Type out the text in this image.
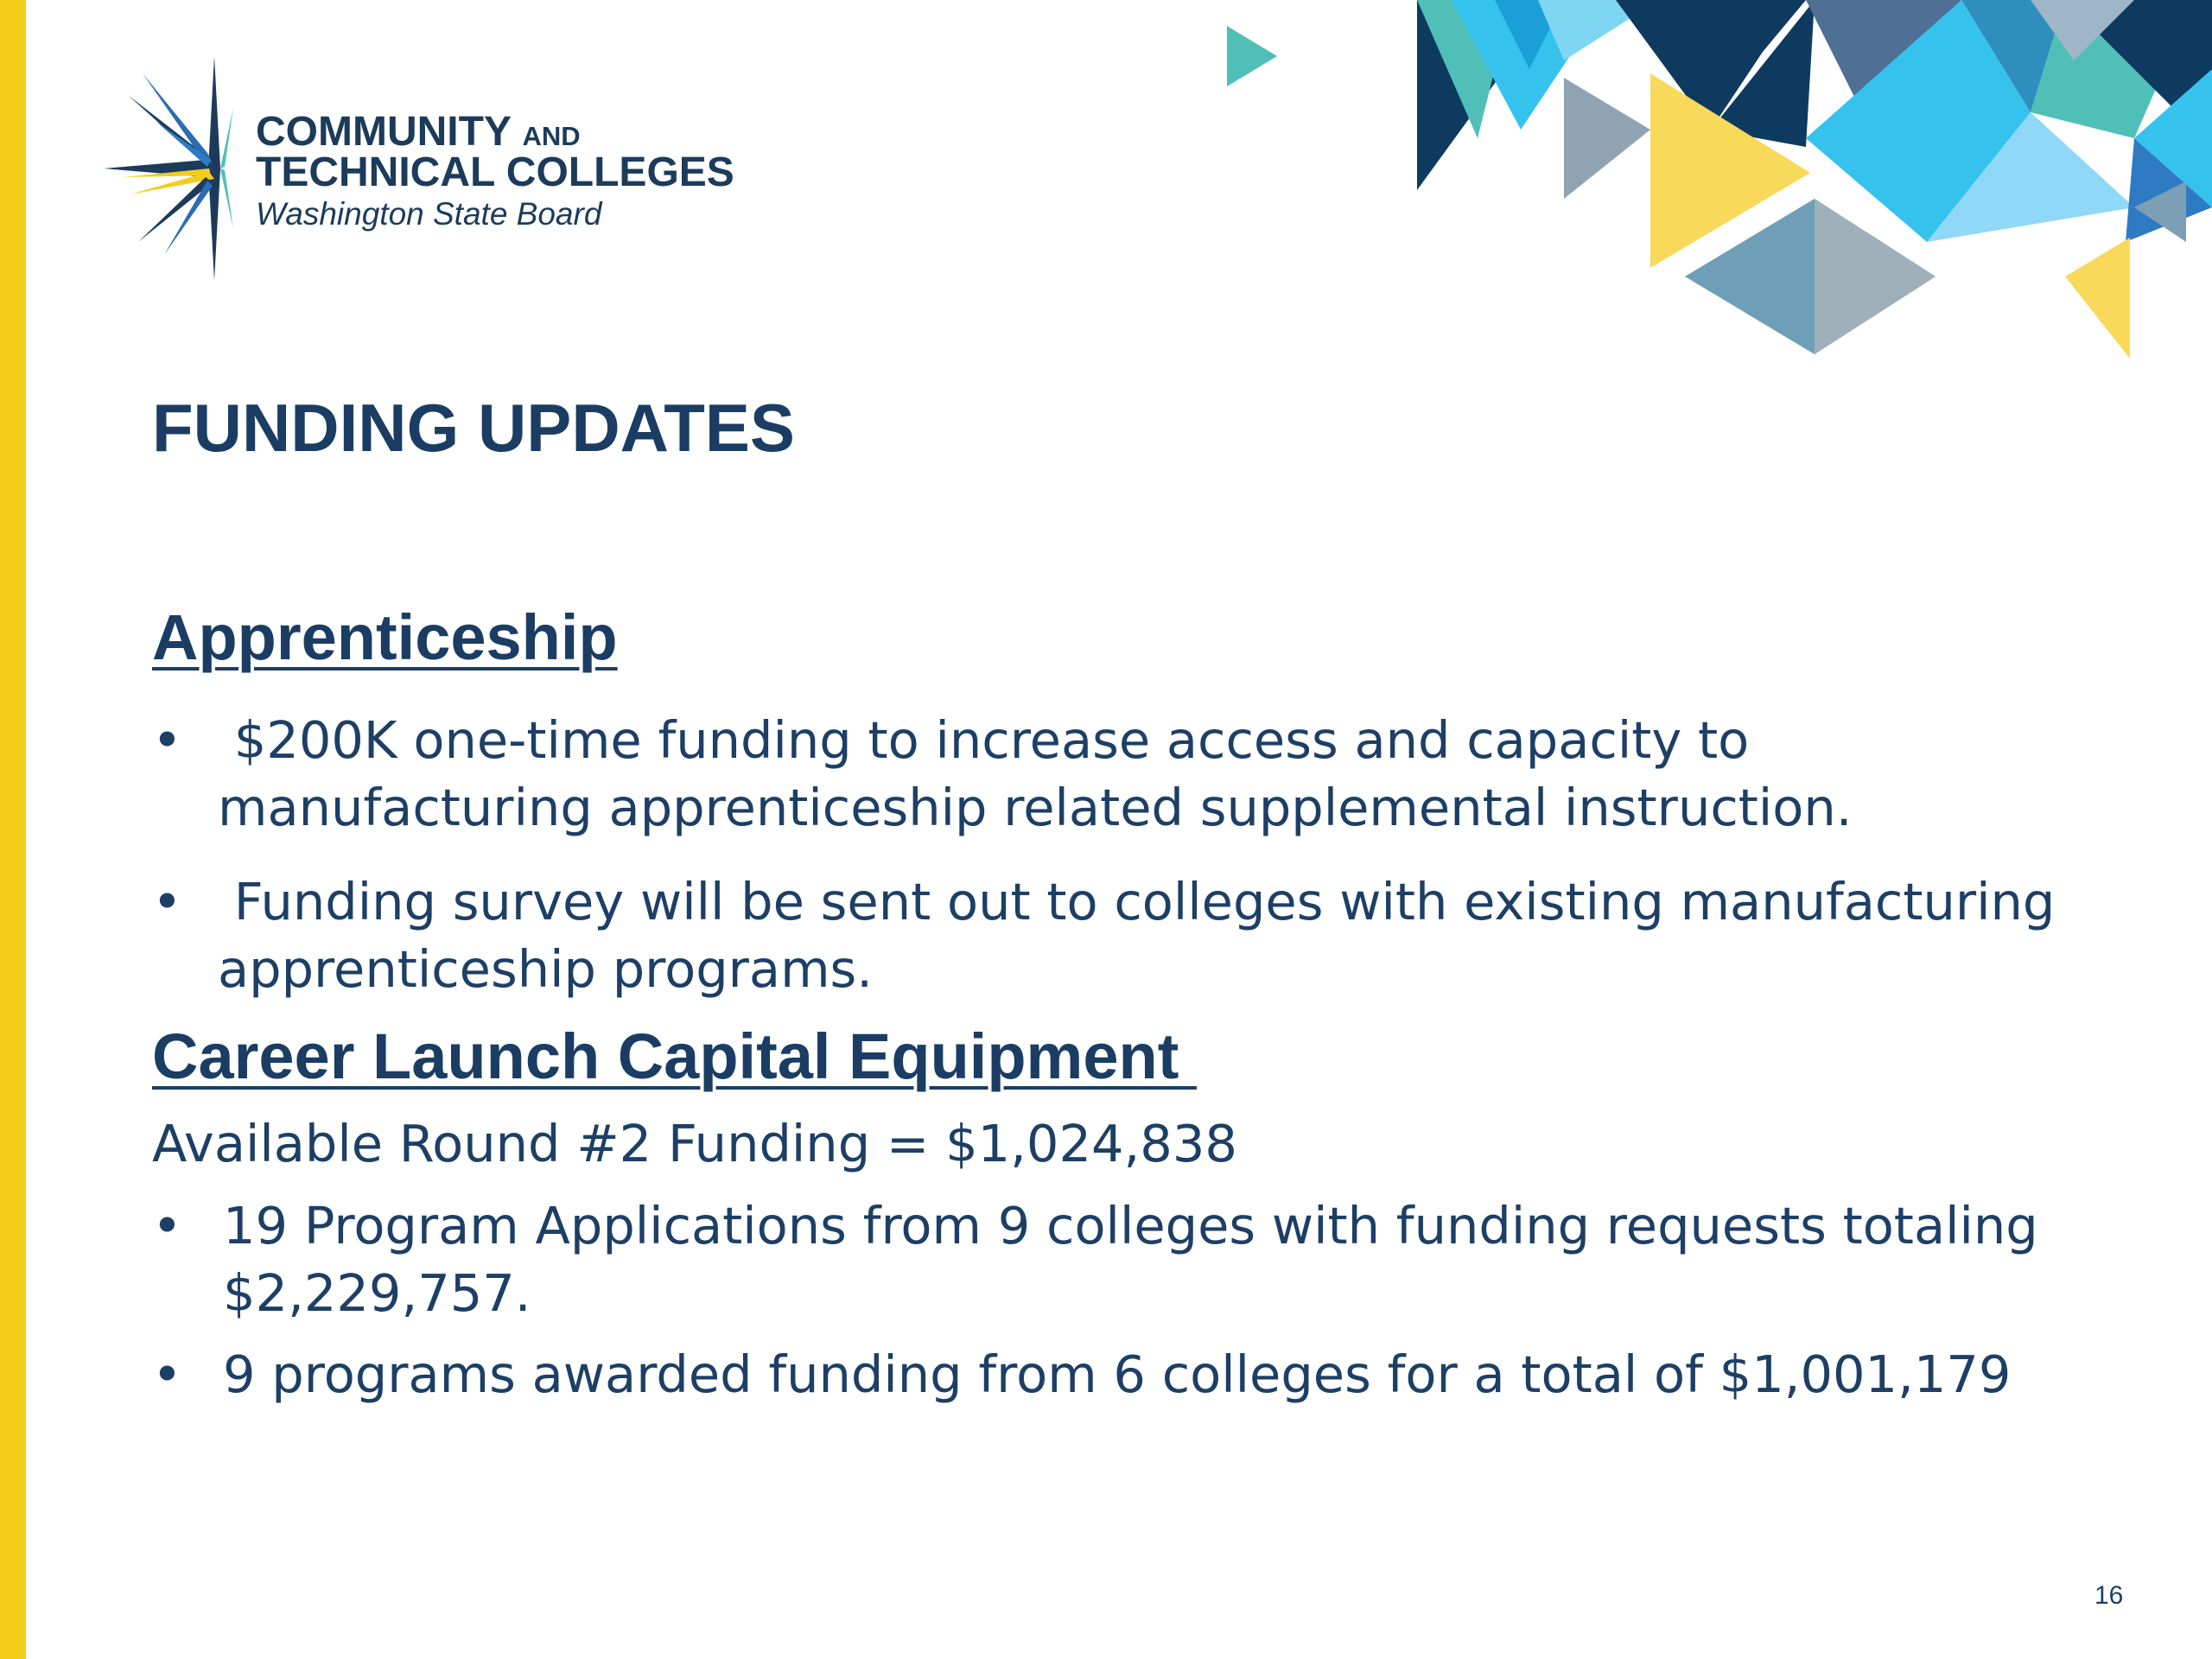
COMMUNITY AND
TECHNICAL COLLEGES
Washington State Board
FUNDING UPDATES
Apprenticeship
•	$200K one-time funding to increase access and capacity to
manufacturing apprenticeship related supplemental instruction.
•	Funding survey will be sent out to colleges with existing manufacturing
apprenticeship programs.
Career Launch Capital Equipment
Available Round #2 Funding = $1,024,838
• 19 Program Applications from 9 colleges with funding requests totaling
$2,229,757.
• 9 programs awarded funding from 6 colleges for a total of $1,001,179
16
